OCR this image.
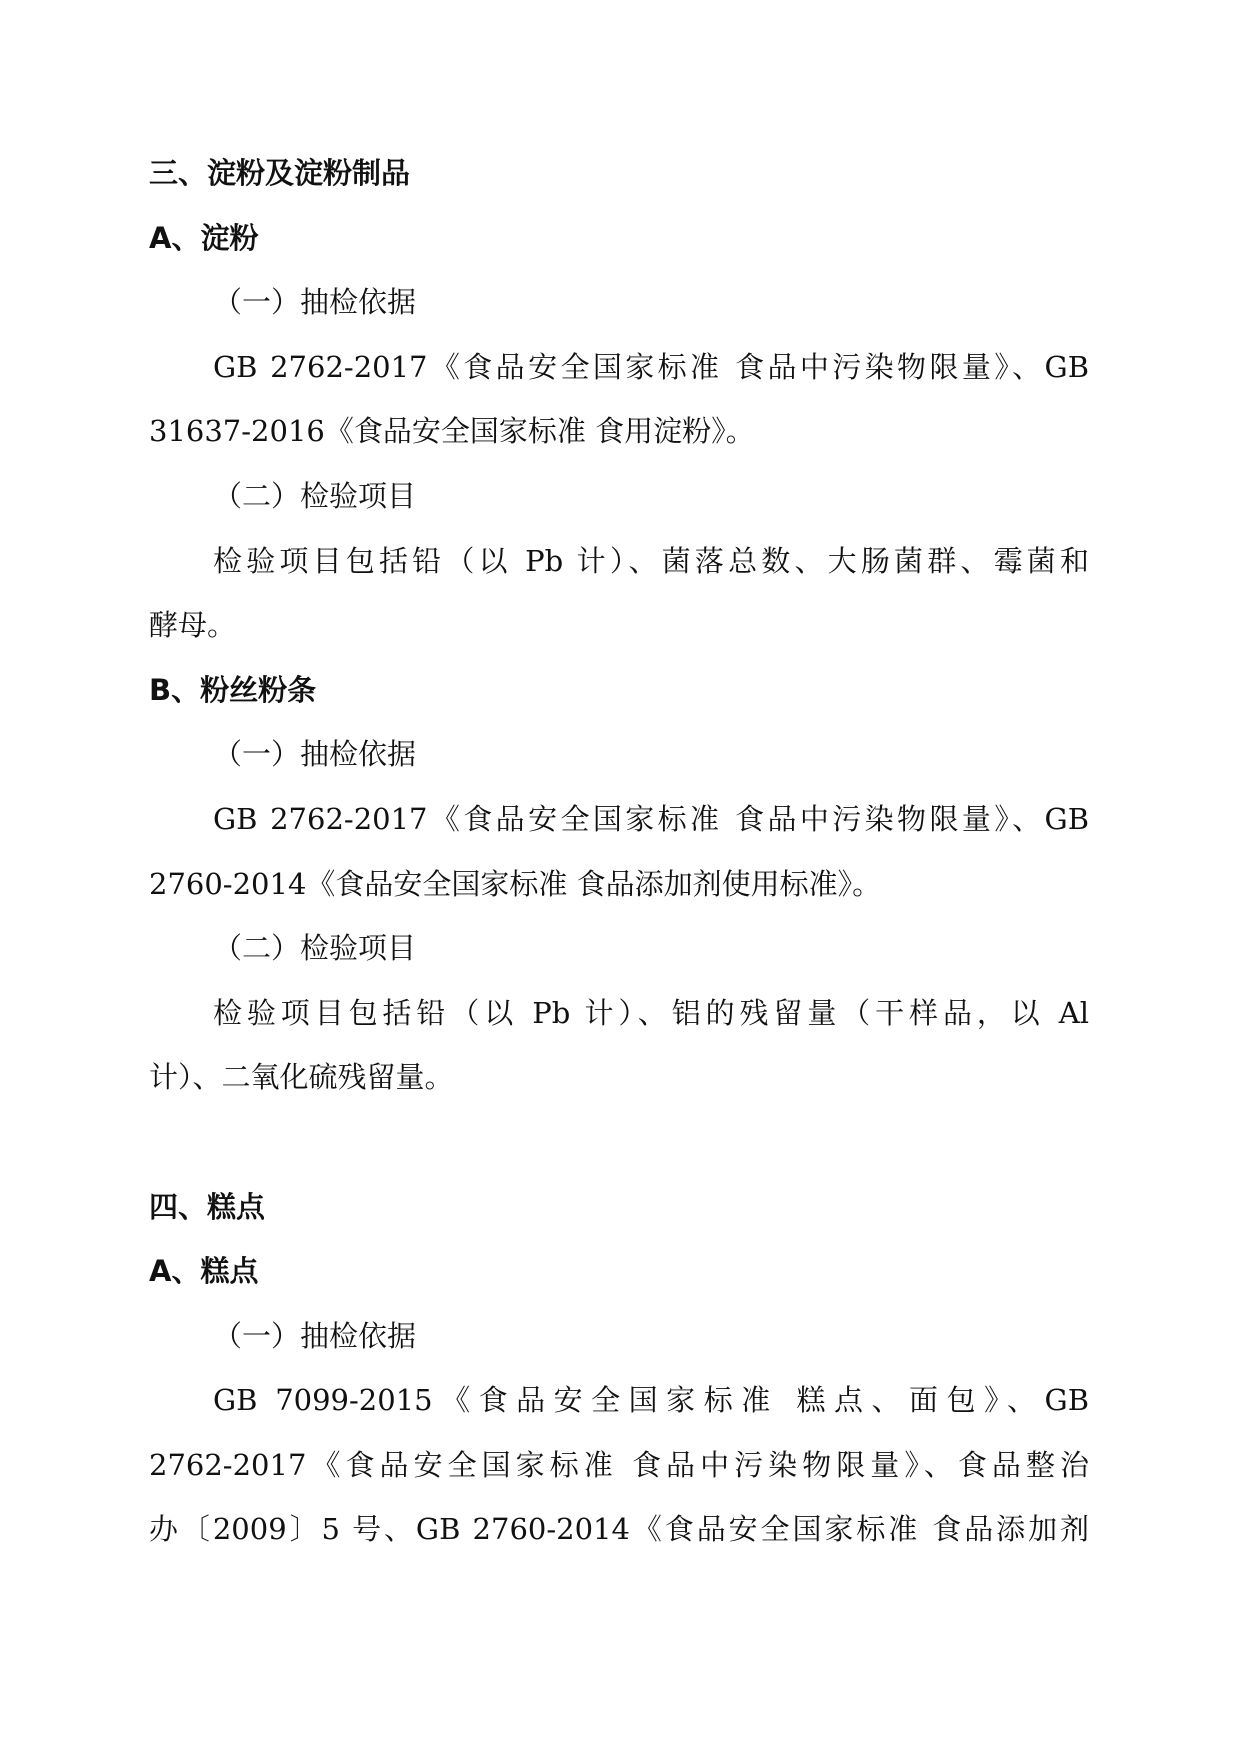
三、淀粉及淀粉制品
A、淀粉
（一）抽检依据
GB 2762-2017《食品安全国家标准 食品中污染物限量》、GB
31637-2016《食品安全国家标准 食用淀粉》。
（二）检验项目
检验项目包括铅（以 Pb 计）、菌落总数、大肠菌群、霉菌和
酵母。
B、粉丝粉条
（一）抽检依据
GB 2762-2017《食品安全国家标准 食品中污染物限量》、GB
2760-2014《食品安全国家标准 食品添加剂使用标准》。
（二）检验项目
检验项目包括铅（以 Pb 计）、铝的残留量（干样品，以 Al
计）、二氧化硫残留量。
四、糕点
A、糕点
（一）抽检依据
GB 7099-2015《食品安全国家标准 糕点、面包》、GB
2762-2017《食品安全国家标准 食品中污染物限量》、食品整治
办〔2009〕5 号、GB 2760-2014《食品安全国家标准 食品添加剂
